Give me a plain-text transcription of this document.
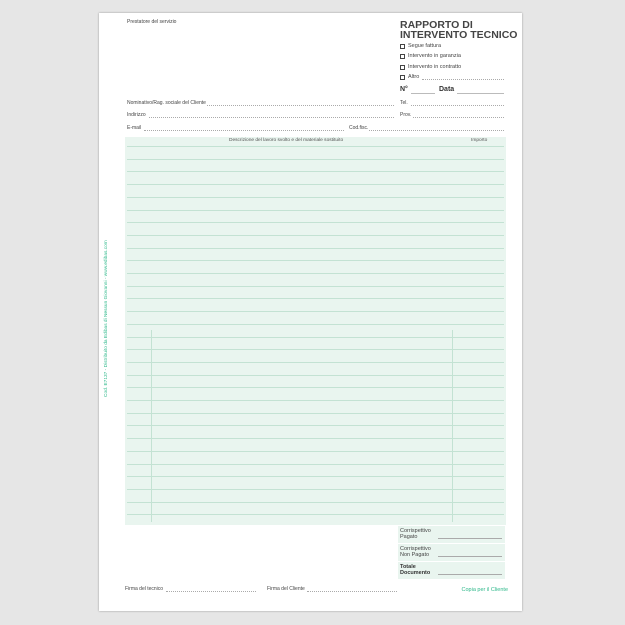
Prestatore del servizio	RAPPORTO DI
INTERVENTO TECNICO
Segue fattura
Intervento in garanzia
Intervento in contratto
Altro
N°	Data
Nominativo/Rag. sociale del Cliente	Tel.
Indirizzo	Prov.
E-mail	Cod.fisc.
Descrizione del lavoro svolto e del materiale sostituito	Importo
Corrispettivo
Pagato
Corrispettivo
Non Pagato
Totale
Documento
Firma del tecnico	Firma del Cliente	Copia per il Cliente
Cod. E7137 - Distribuito da Edibas di Nessun Giovanni - www.edibas.com
